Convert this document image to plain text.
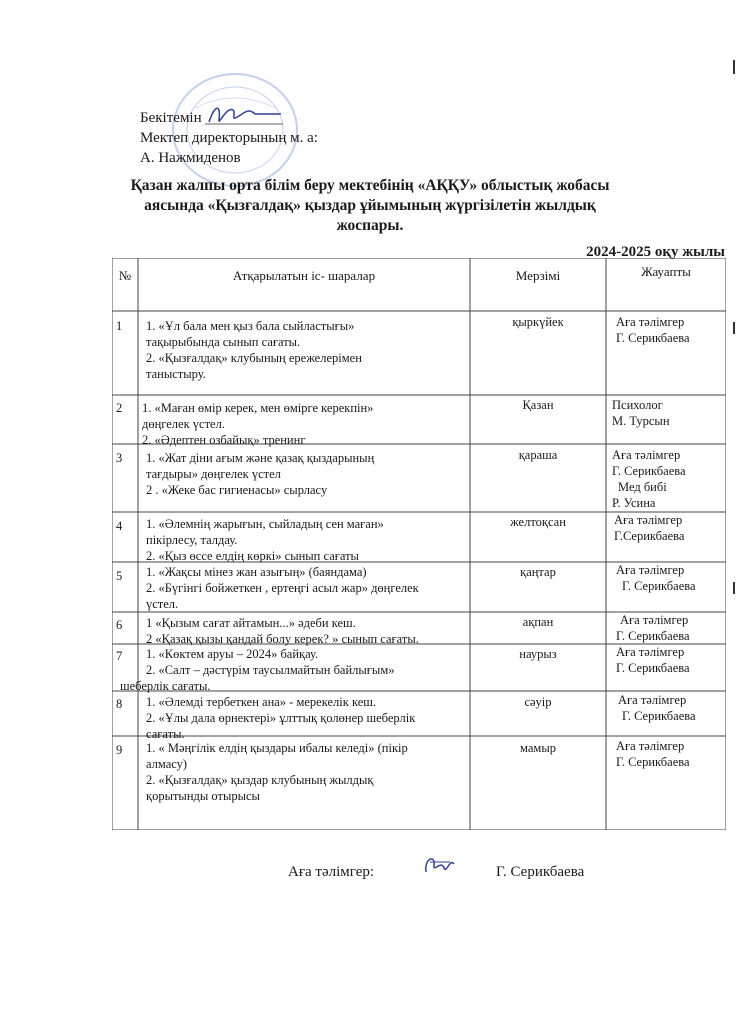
Бекітемін
Мектеп директорының м. а:
А. Нажмиденов
Қазан жалпы орта білім беру мектебінің «АҚҚУ» облыстық жобасы аясында «Қызғалдақ» қыздар ұйымының жүргізілетін жылдық жоспары.
2024-2025 оқу жылы
№	Атқарылатын іс- шаралар	Мерзімі	Жауапты
1 1. «Ұл бала мен қыз бала сыйластығы»
тақырыбында сынып сағаты.
2. «Қызғалдақ» клубының ережелерімен
таныстыру.
қыркүйек	Аға тәлімгер
Г. Серикбаева
2 1. «Маған өмір керек, мен өмірге керекпін»
дөңгелек үстел.
2. «Әдептен озбайық» тренинг
Қазан	Психолог
М. Турсын
3 1. «Жат діни ағым және қазақ қыздарының
тағдыры» дөңгелек үстел
2 . «Жеке бас гигиенасы» сырласу
қараша	Аға тәлімгер
Г. Серикбаева
Мед бибі
Р. Усина
4 1. «Әлемнің жарығын, сыйладың сен маған»
пікірлесу, талдау.
2. «Қыз өссе елдің көркі» сынып сағаты
желтоқсан	Аға тәлімгер
Г.Серикбаева
5 1. «Жақсы мінез жан азығың» (баяндама)
2. «Бүгінгі бойжеткен , ертеңгі асыл жар» дөңгелек
үстел.
қаңтар	Аға тәлімгер
Г. Серикбаева
6 1 «Қызым сағат айтамын...» әдеби кеш.
2 «Қазақ қызы қандай болу керек? » сынып сағаты.
ақпан	Аға тәлімгер
Г. Серикбаева
7 1. «Көктем аруы – 2024» байқау.
2. «Салт – дәстүрім таусылмайтын байлығым»
шеберлік сағаты.
наурыз	Аға тәлімгер
Г. Серикбаева
8 1. «Әлемді тербеткен ана» - мерекелік кеш.
2. «Ұлы дала өрнектері» ұлттық қолөнер шеберлік
сағаты.
сәуір	Аға тәлімгер
Г. Серикбаева
9 1. « Мәңгілік елдің қыздары ибалы келеді» (пікір
алмасу)
2. «Қызғалдақ» қыздар клубының жылдық
қорытынды отырысы
мамыр	Аға тәлімгер
Г. Серикбаева
Аға тәлімгер:	Г. Серикбаева
